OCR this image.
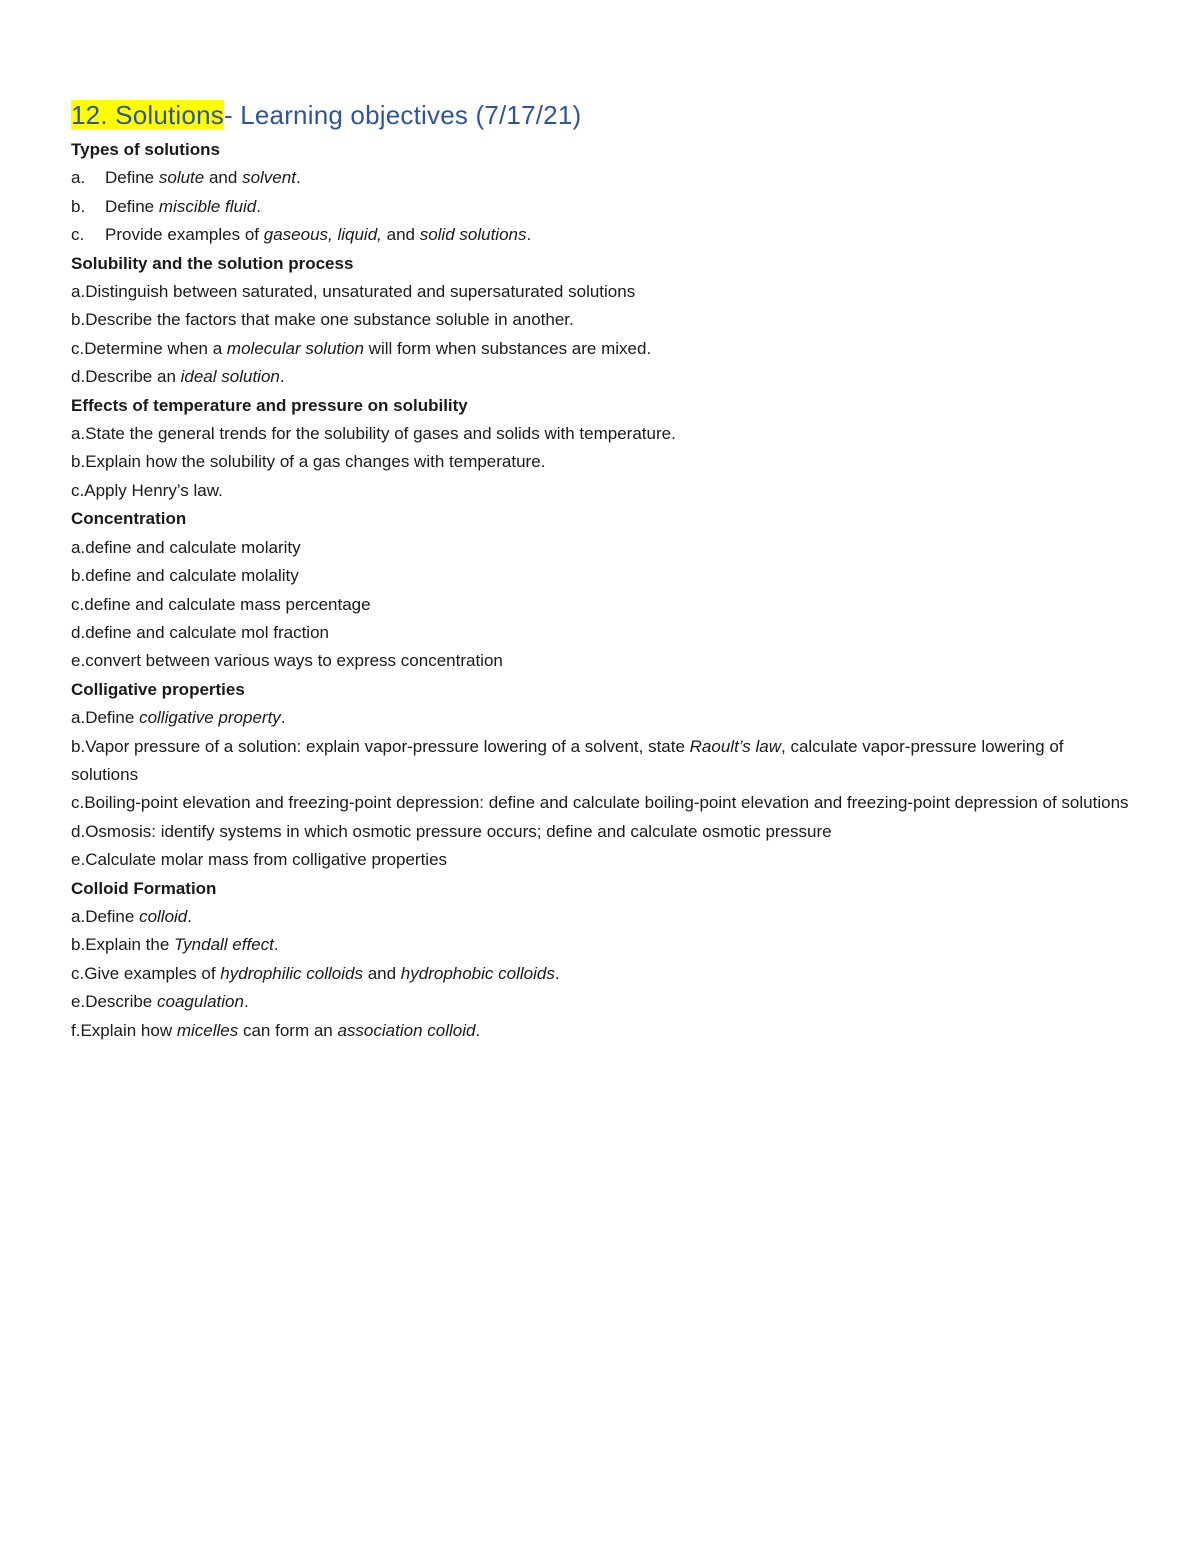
12. Solutions- Learning objectives (7/17/21)

Types of solutions

a.	Define solute and solvent.

b.	Define miscible fluid.

c.	Provide examples of gaseous, liquid, and solid solutions.

Solubility and the solution process

a.Distinguish between saturated, unsaturated and supersaturated solutions

b.Describe the factors that make one substance soluble in another.

c.Determine when a molecular solution will form when substances are mixed.

d.Describe an ideal solution.

Effects of temperature and pressure on solubility

a.State the general trends for the solubility of gases and solids with temperature.

b.Explain how the solubility of a gas changes with temperature.

c.Apply Henry’s law.

Concentration

a.define and calculate molarity

b.define and calculate molality

c.define and calculate mass percentage

d.define and calculate mol fraction

e.convert between various ways to express concentration

Colligative properties

a.Define colligative property.

b.Vapor pressure of a solution: explain vapor-pressure lowering of a solvent, state Raoult’s law, calculate vapor-pressure lowering of solutions

c.Boiling-point elevation and freezing-point depression: define and calculate boiling-point elevation and freezing-point depression of solutions

d.Osmosis: identify systems in which osmotic pressure occurs; define and calculate osmotic pressure

e.Calculate molar mass from colligative properties

Colloid Formation

a.Define colloid.

b.Explain the Tyndall effect.

c.Give examples of hydrophilic colloids and hydrophobic colloids.

e.Describe coagulation.

f.Explain how micelles can form an association colloid.
